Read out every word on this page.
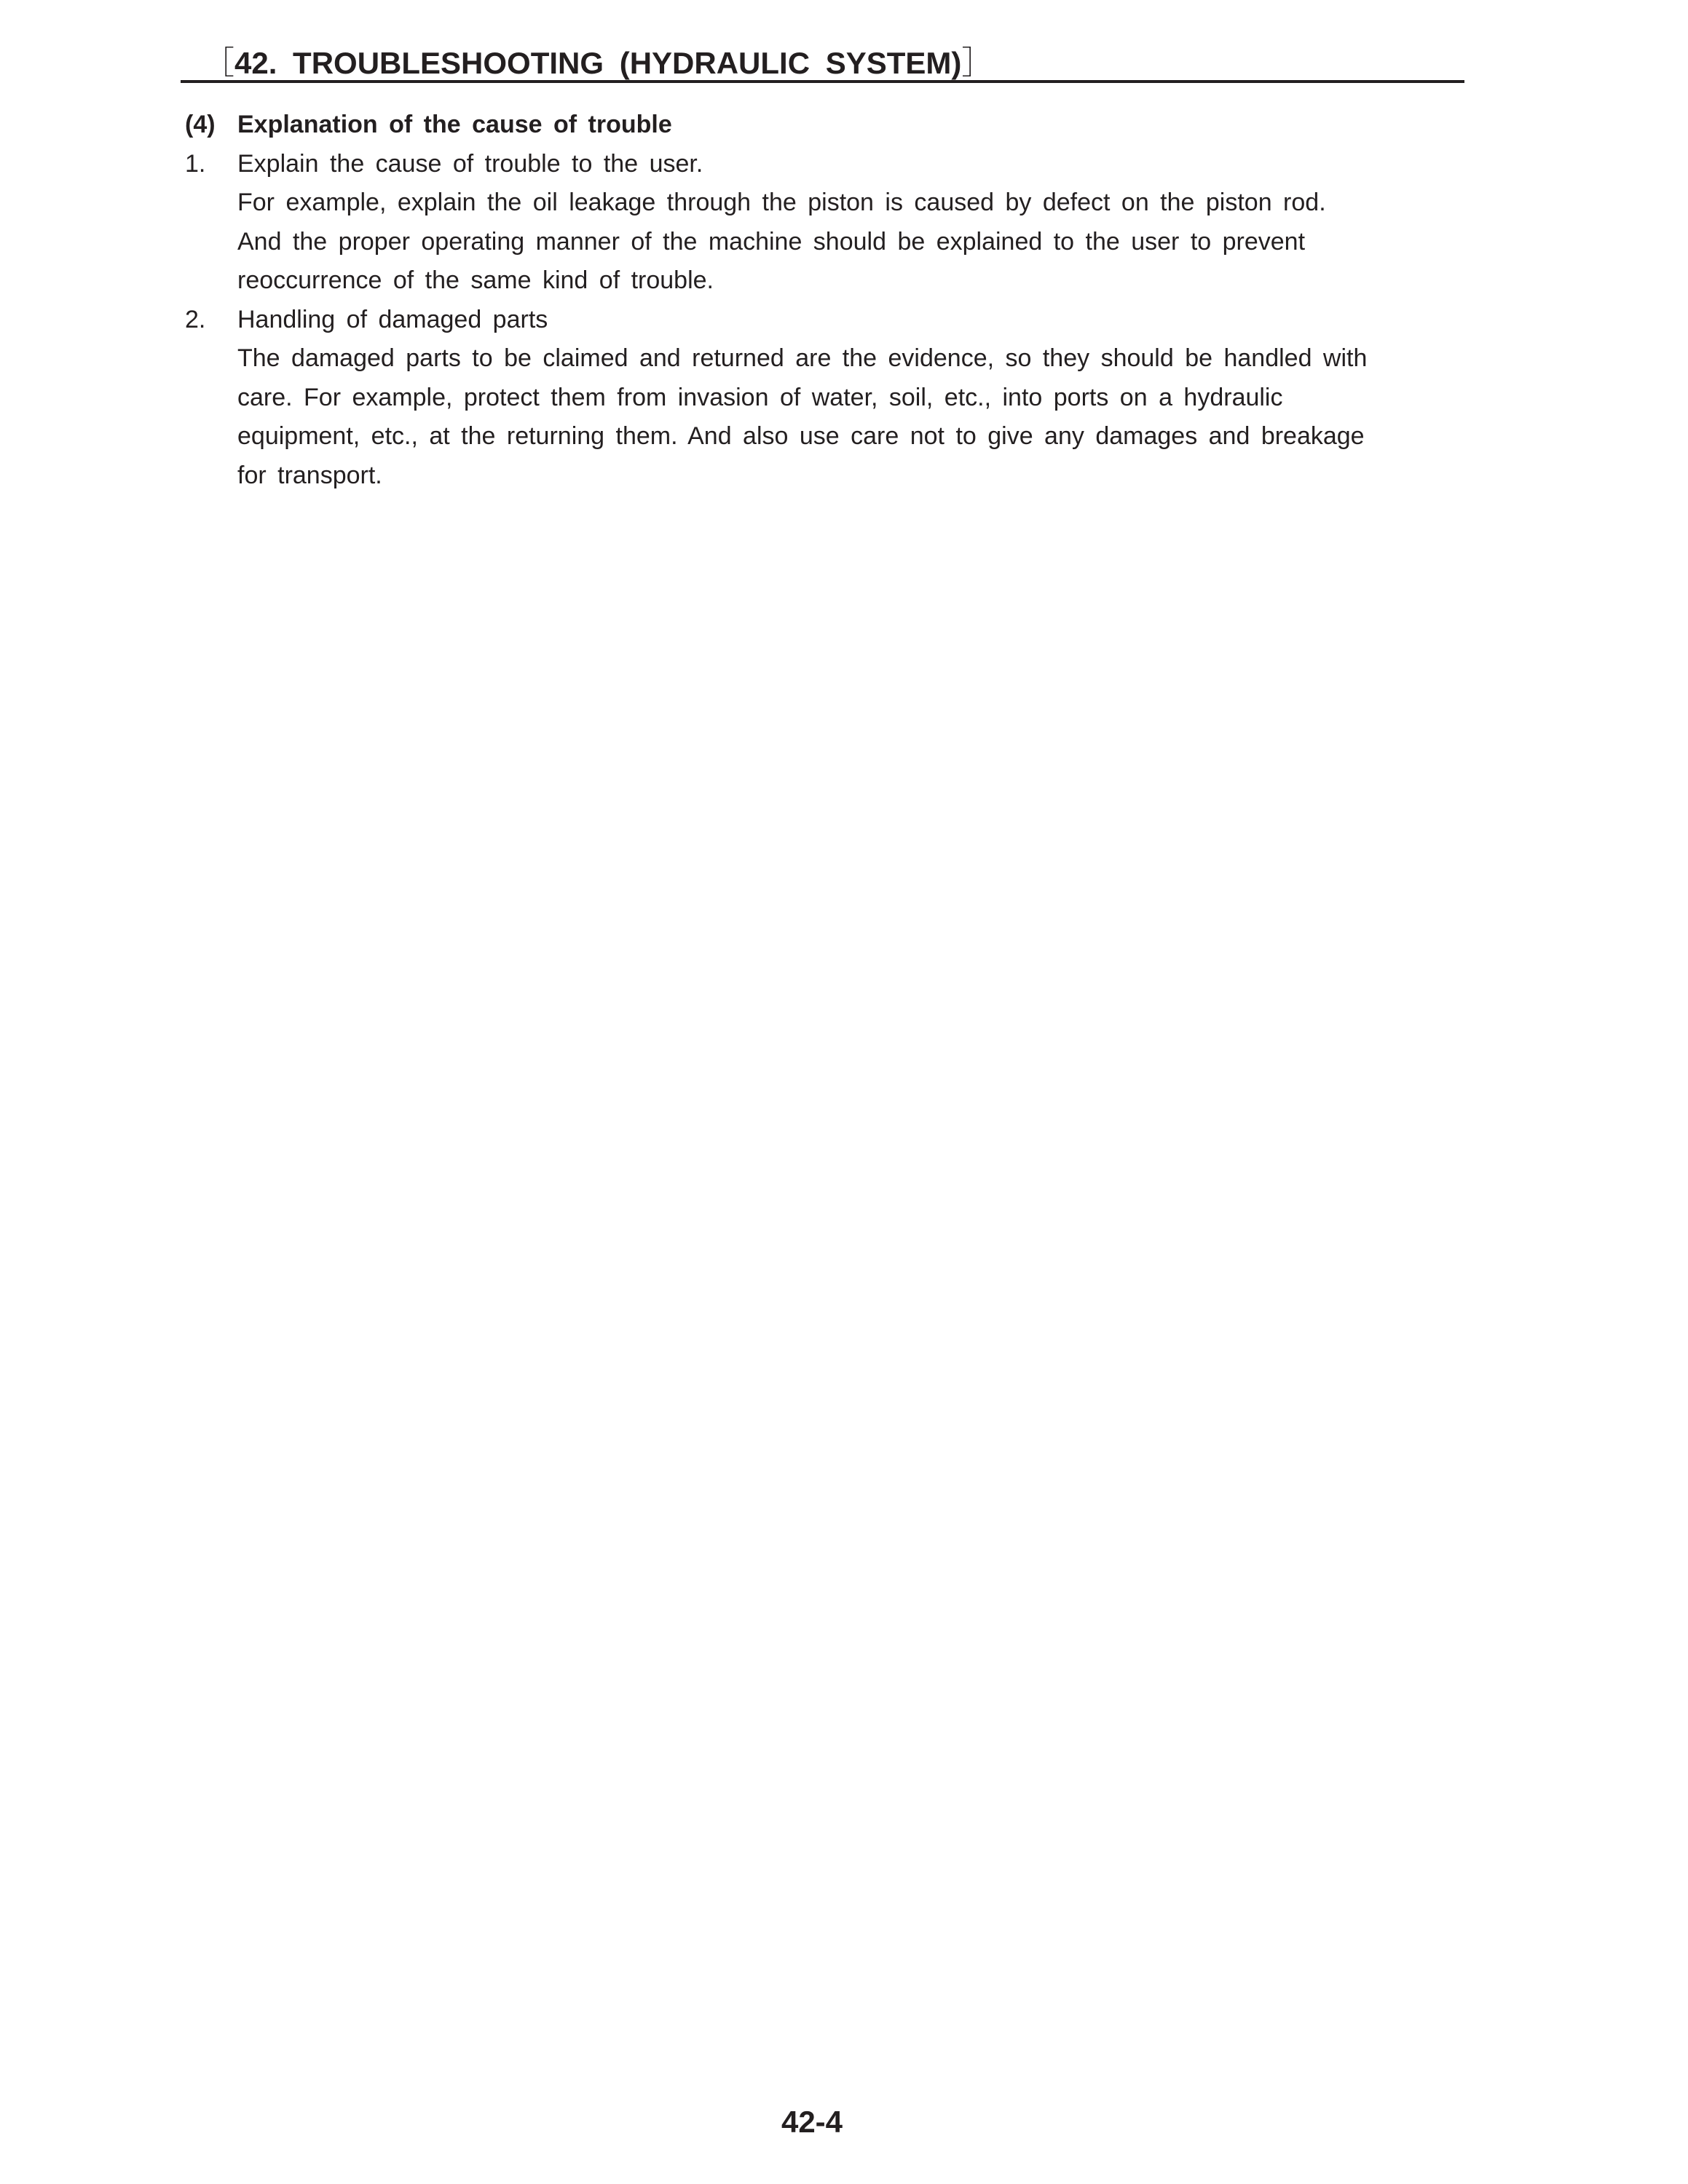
［42. TROUBLESHOOTING (HYDRAULIC SYSTEM)］
(4) Explanation of the cause of trouble
1.	Explain the cause of trouble to the user.
For example, explain the oil leakage through the piston is caused by defect on the piston rod.
And the proper operating manner of the machine should be explained to the user to prevent
reoccurrence of the same kind of trouble.
2.	Handling of damaged parts
The damaged parts to be claimed and returned are the evidence, so they should be handled with
care. For example, protect them from invasion of water, soil, etc., into ports on a hydraulic
equipment, etc., at the returning them. And also use care not to give any damages and breakage
for transport.
42-4
